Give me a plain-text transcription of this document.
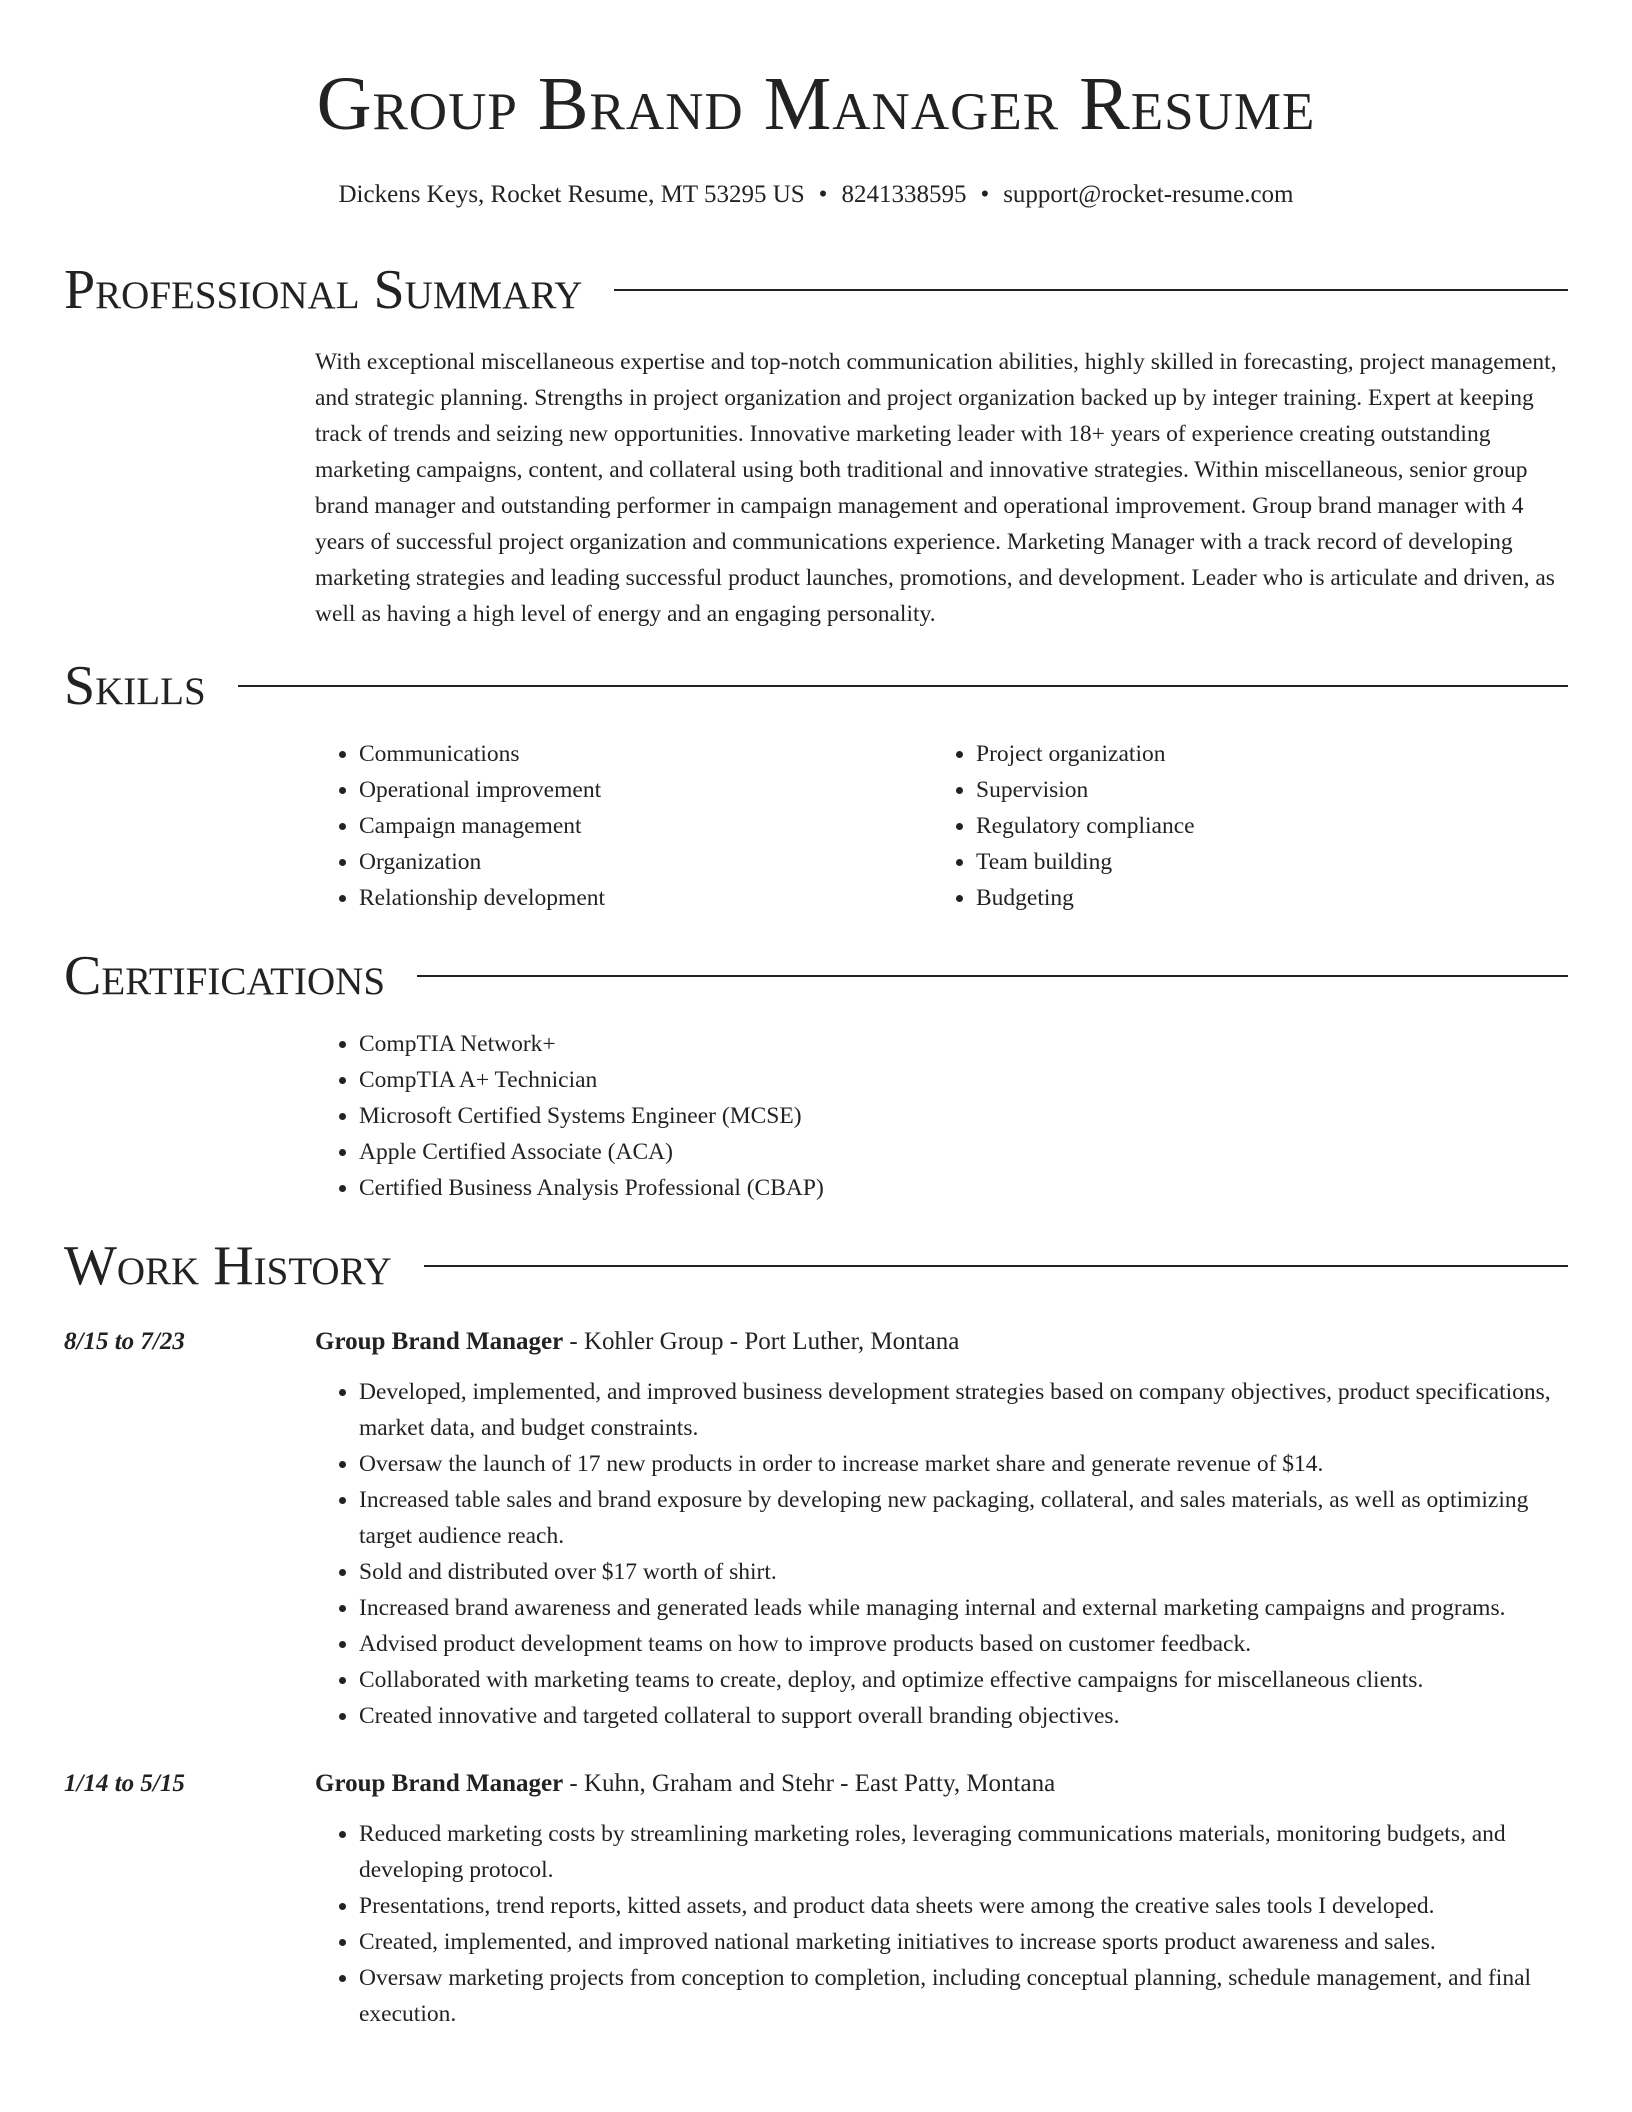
Group Brand Manager Resume
Dickens Keys, Rocket Resume, MT 53295 US • 8241338595 • support@rocket-resume.com
Professional Summary
With exceptional miscellaneous expertise and top-notch communication abilities, highly skilled in forecasting, project management, and strategic planning. Strengths in project organization and project organization backed up by integer training. Expert at keeping track of trends and seizing new opportunities. Innovative marketing leader with 18+ years of experience creating outstanding marketing campaigns, content, and collateral using both traditional and innovative strategies. Within miscellaneous, senior group brand manager and outstanding performer in campaign management and operational improvement. Group brand manager with 4 years of successful project organization and communications experience. Marketing Manager with a track record of developing marketing strategies and leading successful product launches, promotions, and development. Leader who is articulate and driven, as well as having a high level of energy and an engaging personality.
Skills
• Communications
• Operational improvement
• Campaign management
• Organization
• Relationship development
• Project organization
• Supervision
• Regulatory compliance
• Team building
• Budgeting
Certifications
• CompTIA Network+
• CompTIA A+ Technician
• Microsoft Certified Systems Engineer (MCSE)
• Apple Certified Associate (ACA)
• Certified Business Analysis Professional (CBAP)
Work History
8/15 to 7/23	Group Brand Manager - Kohler Group - Port Luther, Montana
• Developed, implemented, and improved business development strategies based on company objectives, product specifications, market data, and budget constraints.
• Oversaw the launch of 17 new products in order to increase market share and generate revenue of $14.
• Increased table sales and brand exposure by developing new packaging, collateral, and sales materials, as well as optimizing target audience reach.
• Sold and distributed over $17 worth of shirt.
• Increased brand awareness and generated leads while managing internal and external marketing campaigns and programs.
• Advised product development teams on how to improve products based on customer feedback.
• Collaborated with marketing teams to create, deploy, and optimize effective campaigns for miscellaneous clients.
• Created innovative and targeted collateral to support overall branding objectives.
1/14 to 5/15	Group Brand Manager - Kuhn, Graham and Stehr - East Patty, Montana
• Reduced marketing costs by streamlining marketing roles, leveraging communications materials, monitoring budgets, and developing protocol.
• Presentations, trend reports, kitted assets, and product data sheets were among the creative sales tools I developed.
• Created, implemented, and improved national marketing initiatives to increase sports product awareness and sales.
• Oversaw marketing projects from conception to completion, including conceptual planning, schedule management, and final execution.
